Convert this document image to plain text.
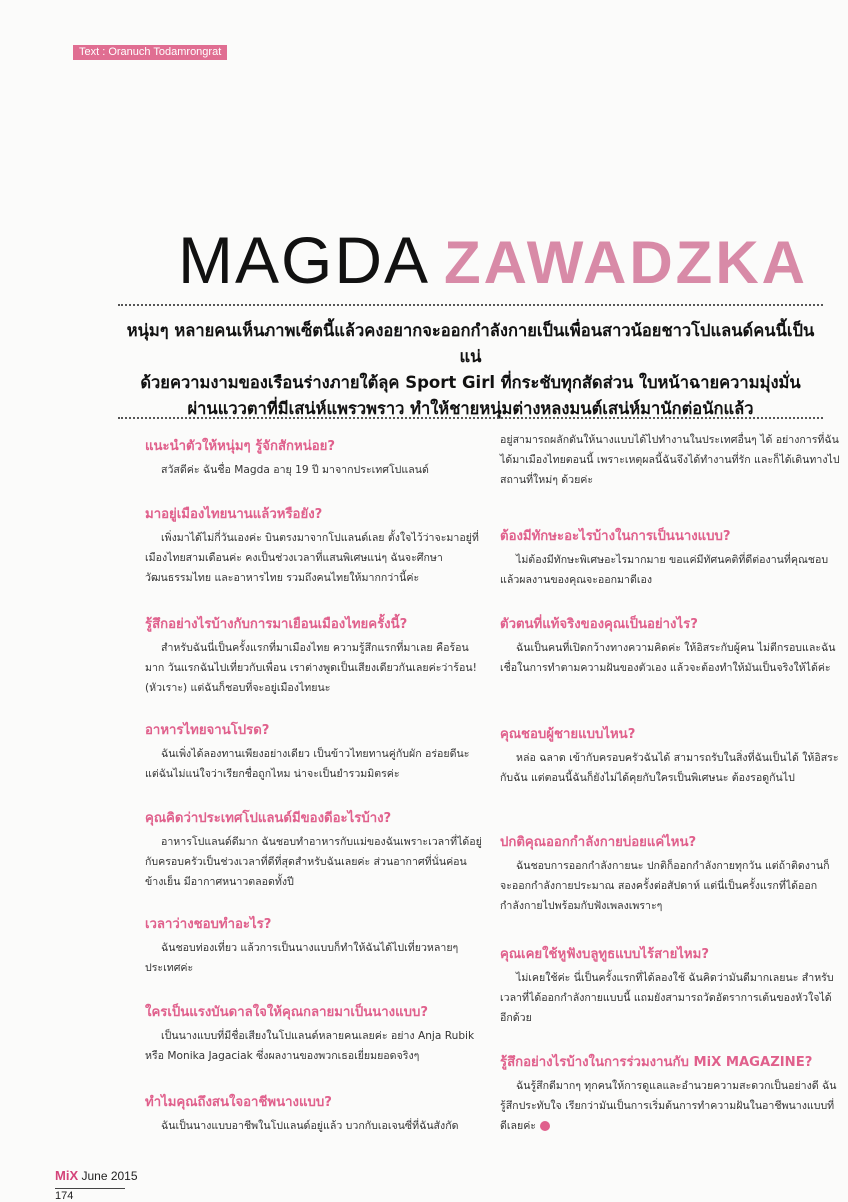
Text : Oranuch Todamrongrat
MAGDA ZAWADZKA
หนุ่มๆ หลายคนเห็นภาพเซ็ตนี้แล้วคงอยากจะออกกำลังกายเป็นเพื่อนสาวน้อยชาวโปแลนด์คนนี้เป็นแน่
ด้วยความงามของเรือนร่างภายใต้ลุค Sport Girl ที่กระชับทุกสัดส่วน ใบหน้าฉายความมุ่งมั่น
ผ่านแววตาที่มีเสน่ห์แพรวพราว ทำให้ชายหนุ่มต่างหลงมนต์เสน่ห์มานักต่อนักแล้ว
แนะนำตัวให้หนุ่มๆ รู้จักสักหน่อย?
สวัสดีค่ะ ฉันชื่อ Magda อายุ 19 ปี มาจากประเทศโปแลนด์
มาอยู่เมืองไทยนานแล้วหรือยัง?
เพิ่งมาได้ไม่กี่วันเองค่ะ บินตรงมาจากโปแลนด์เลย ตั้งใจไว้ว่าจะมาอยู่ที่เมืองไทยสามเดือนค่ะ คงเป็นช่วงเวลาที่แสนพิเศษแน่ๆ ฉันจะศึกษาวัฒนธรรมไทย และอาหารไทย รวมถึงคนไทยให้มากกว่านี้ค่ะ
รู้สึกอย่างไรบ้างกับการมาเยือนเมืองไทยครั้งนี้?
สำหรับฉันนี่เป็นครั้งแรกที่มาเมืองไทย ความรู้สึกแรกที่มาเลย คือร้อนมาก วันแรกฉันไปเที่ยวกับเพื่อน เราต่างพูดเป็นเสียงเดียวกันเลยค่ะว่าร้อน! (หัวเราะ) แต่ฉันก็ชอบที่จะอยู่เมืองไทยนะ
อาหารไทยจานโปรด?
ฉันเพิ่งได้ลองทานเพียงอย่างเดียว เป็นข้าวไทยทานคู่กับผัก อร่อยดีนะ แต่ฉันไม่แน่ใจว่าเรียกชื่อถูกไหม น่าจะเป็นยำรวมมิตรค่ะ
คุณคิดว่าประเทศโปแลนด์มีของดีอะไรบ้าง?
อาหารโปแลนด์ดีมาก ฉันชอบทำอาหารกับแม่ของฉันเพราะเวลาที่ได้อยู่กับครอบครัวเป็นช่วงเวลาที่ดีที่สุดสำหรับฉันเลยค่ะ ส่วนอากาศที่นั่นค่อนข้างเย็น มีอากาศหนาวตลอดทั้งปี
เวลาว่างชอบทำอะไร?
ฉันชอบท่องเที่ยว แล้วการเป็นนางแบบก็ทำให้ฉันได้ไปเที่ยวหลายๆ ประเทศค่ะ
ใครเป็นแรงบันดาลใจให้คุณกลายมาเป็นนางแบบ?
เป็นนางแบบที่มีชื่อเสียงในโปแลนด์หลายคนเลยค่ะ อย่าง Anja Rubik หรือ Monika Jagaciak ซึ่งผลงานของพวกเธอเยี่ยมยอดจริงๆ
ทำไมคุณถึงสนใจอาชีพนางแบบ?
ฉันเป็นนางแบบอาชีพในโปแลนด์อยู่แล้ว บวกกับเอเจนซี่ที่ฉันสังกัด
อยู่สามารถผลักดันให้นางแบบได้ไปทำงานในประเทศอื่นๆ ได้ อย่างการที่ฉันได้มาเมืองไทยตอนนี้ เพราะเหตุผลนี้ฉันจึงได้ทำงานที่รัก และก็ได้เดินทางไปสถานที่ใหม่ๆ ด้วยค่ะ
ต้องมีทักษะอะไรบ้างในการเป็นนางแบบ?
ไม่ต้องมีทักษะพิเศษอะไรมากมาย ขอแค่มีทัศนคติที่ดีต่องานที่คุณชอบ แล้วผลงานของคุณจะออกมาดีเอง
ตัวตนที่แท้จริงของคุณเป็นอย่างไร?
ฉันเป็นคนที่เปิดกว้างทางความคิดค่ะ ให้อิสระกับผู้คน ไม่ตีกรอบและฉันเชื่อในการทำตามความฝันของตัวเอง แล้วจะต้องทำให้มันเป็นจริงให้ได้ค่ะ
คุณชอบผู้ชายแบบไหน?
หล่อ ฉลาด เข้ากับครอบครัวฉันได้ สามารถรับในสิ่งที่ฉันเป็นได้ ให้อิสระกับฉัน แต่ตอนนี้ฉันก็ยังไม่ได้คุยกับใครเป็นพิเศษนะ ต้องรอดูกันไป
ปกติคุณออกกำลังกายบ่อยแค่ไหน?
ฉันชอบการออกกำลังกายนะ ปกติก็ออกกำลังกายทุกวัน แต่ถ้าติดงานก็จะออกกำลังกายประมาณ สองครั้งต่อสัปดาห์ แต่นี่เป็นครั้งแรกที่ได้ออกกำลังกายไปพร้อมกับฟังเพลงเพราะๆ
คุณเคยใช้หูฟังบลูทูธแบบไร้สายไหม?
ไม่เคยใช้ค่ะ นี่เป็นครั้งแรกที่ได้ลองใช้ ฉันคิดว่ามันดีมากเลยนะ สำหรับเวลาที่ได้ออกกำลังกายแบบนี้ แถมยังสามารถวัดอัตราการเต้นของหัวใจได้อีกด้วย
รู้สึกอย่างไรบ้างในการร่วมงานกับ MiX MAGAZINE?
ฉันรู้สึกดีมากๆ ทุกคนให้การดูแลและอำนวยความสะดวกเป็นอย่างดี ฉันรู้สึกประทับใจ เรียกว่ามันเป็นการเริ่มต้นการทำความฝันในอาชีพนางแบบที่ดีเลยค่ะ
MiX June 2015
174
